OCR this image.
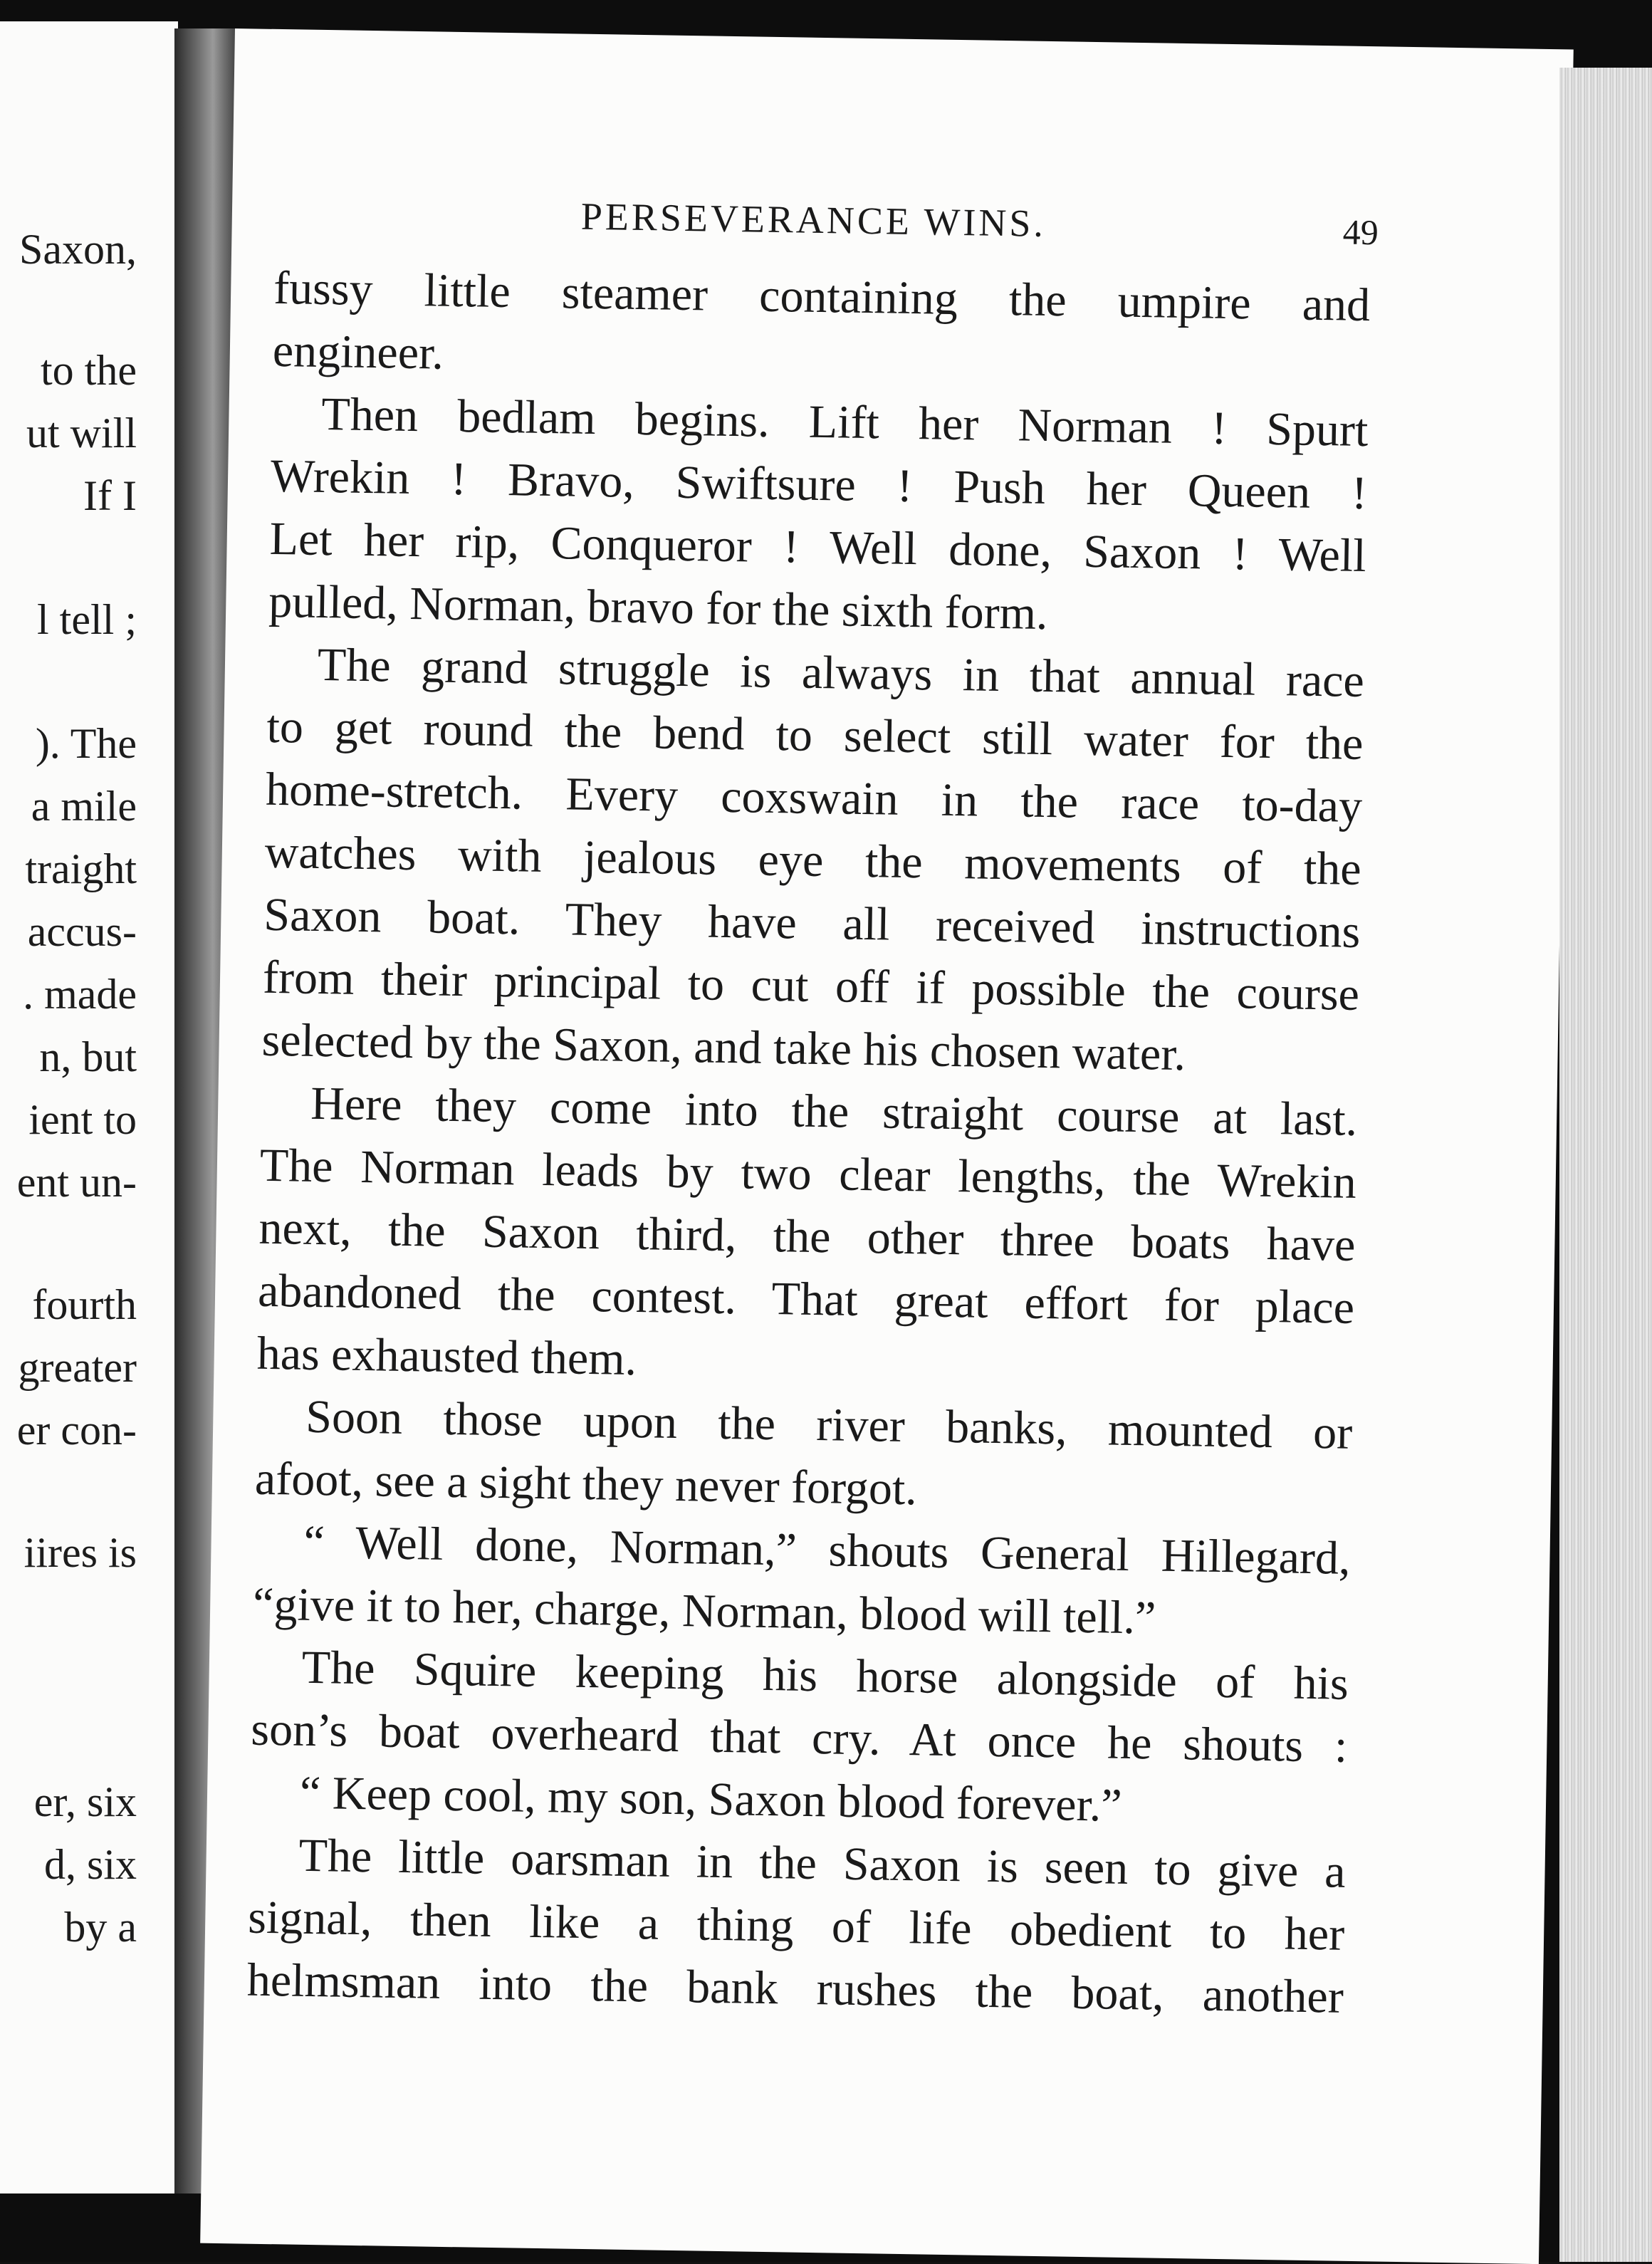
Saxon,
to the
ut will
If I
l tell ;
). The
a mile
traight
accus-
. made
n, but
ient to
ent un-
fourth
greater
er con-
iires is
er, six
d, six
by a
PERSEVERANCE WINS.	49
fussy little steamer containing the umpire and
engineer.
Then bedlam begins. Lift her Norman ! Spurt
Wrekin ! Bravo, Swiftsure ! Push her Queen !
Let her rip, Conqueror ! Well done, Saxon ! Well
pulled, Norman, bravo for the sixth form.
The grand struggle is always in that annual race
to get round the bend to select still water for the
home-stretch. Every coxswain in the race to-day
watches with jealous eye the movements of the
Saxon boat. They have all received instructions
from their principal to cut off if possible the course
selected by the Saxon, and take his chosen water.
Here they come into the straight course at last.
The Norman leads by two clear lengths, the Wrekin
next, the Saxon third, the other three boats have
abandoned the contest. That great effort for place
has exhausted them.
Soon those upon the river banks, mounted or
afoot, see a sight they never forgot.
“ Well done, Norman,” shouts General Hillegard,
“give it to her, charge, Norman, blood will tell.”
The Squire keeping his horse alongside of his
son’s boat overheard that cry. At once he shouts :
“ Keep cool, my son, Saxon blood forever.”
The little oarsman in the Saxon is seen to give a
signal, then like a thing of life obedient to her
helmsman into the bank rushes the boat, another
